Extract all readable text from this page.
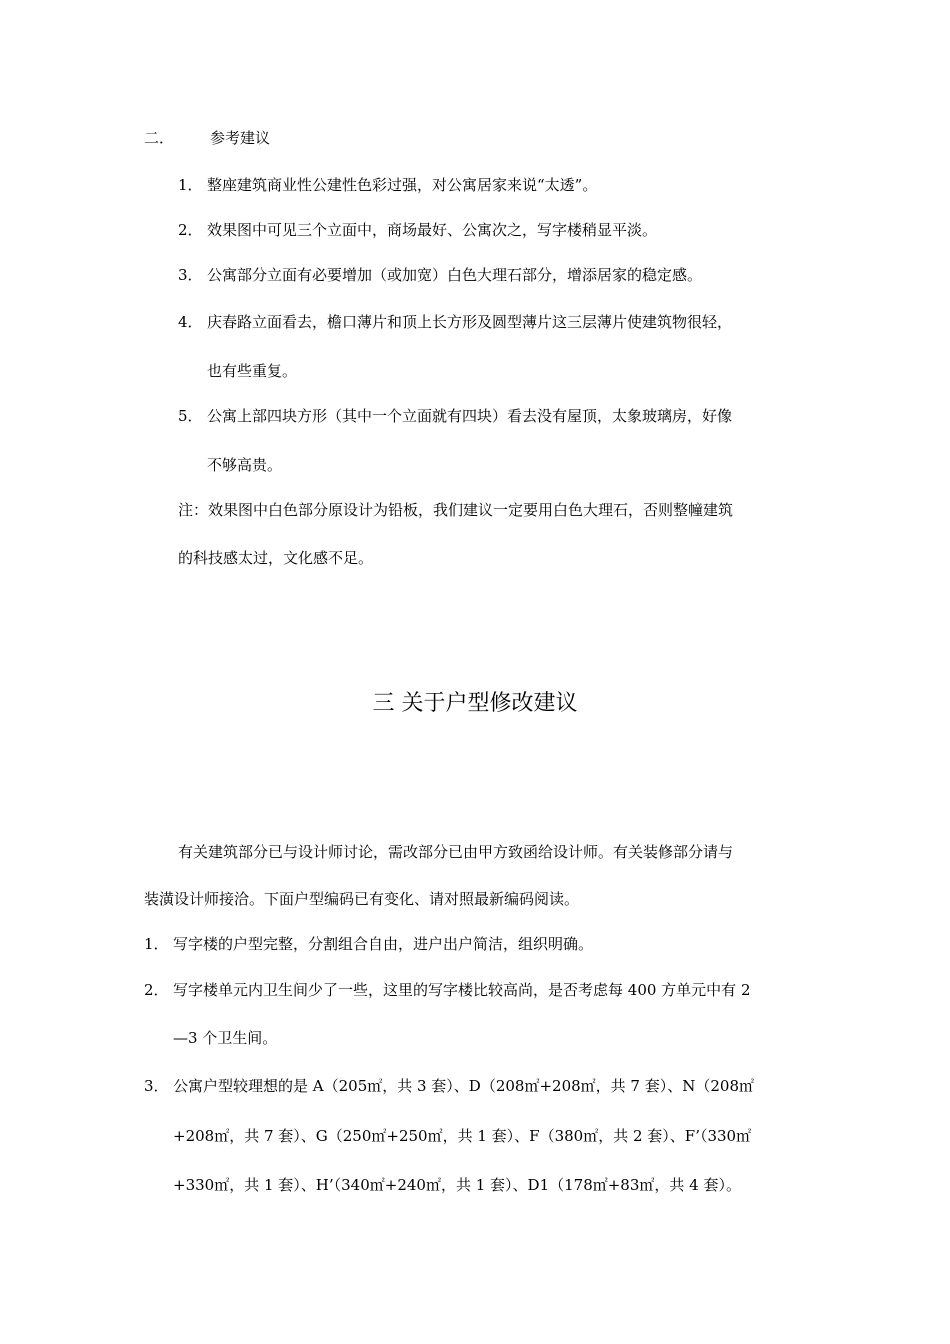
二． 参考建议
1． 整座建筑商业性公建性色彩过强，对公寓居家来说“太透”。
2． 效果图中可见三个立面中，商场最好、公寓次之，写字楼稍显平淡。
3． 公寓部分立面有必要增加（或加宽）白色大理石部分，增添居家的稳定感。
4． 庆春路立面看去，檐口薄片和顶上长方形及圆型薄片这三层薄片使建筑物很轻，
也有些重复。
5． 公寓上部四块方形（其中一个立面就有四块）看去没有屋顶，太象玻璃房，好像
不够高贵。
注：效果图中白色部分原设计为铅板，我们建议一定要用白色大理石，否则整幢建筑
的科技感太过，文化感不足。
三 关于户型修改建议
有关建筑部分已与设计师讨论，需改部分已由甲方致函给设计师。有关装修部分请与
装潢设计师接洽。下面户型编码已有变化、请对照最新编码阅读。
1． 写字楼的户型完整，分割组合自由，进户出户简洁，组织明确。
2． 写字楼单元内卫生间少了一些，这里的写字楼比较高尚，是否考虑每 400 方单元中有 2
—3 个卫生间。
3． 公寓户型较理想的是 A（205㎡，共 3 套）、D（208㎡+208㎡，共 7 套）、N（208㎡
+208㎡，共 7 套）、G（250㎡+250㎡，共 1 套）、F（380㎡，共 2 套）、F’（330㎡
+330㎡，共 1 套）、H’（340㎡+240㎡，共 1 套）、D1（178㎡+83㎡，共 4 套）。
